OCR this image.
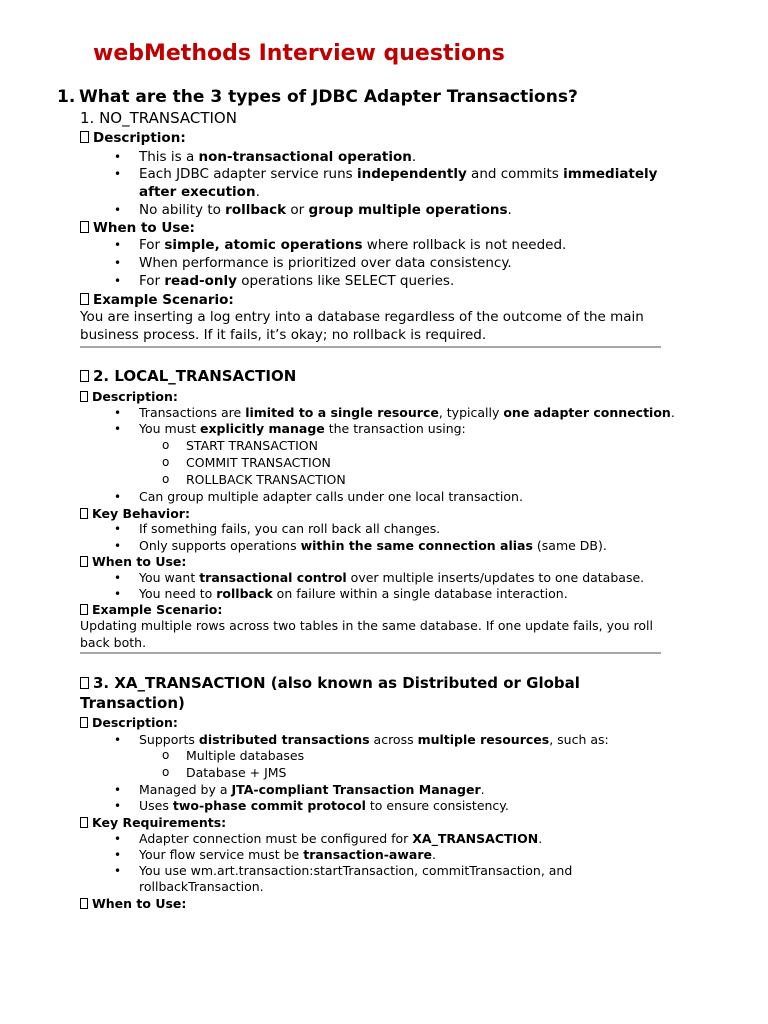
webMethods Interview questions
1. What are the 3 types of JDBC Adapter Transactions?
1. NO_TRANSACTION
Description:
• This is a non-transactional operation.
• Each JDBC adapter service runs independently and commits immediately after execution.
• No ability to rollback or group multiple operations.
When to Use:
• For simple, atomic operations where rollback is not needed.
• When performance is prioritized over data consistency.
• For read-only operations like SELECT queries.
Example Scenario:
You are inserting a log entry into a database regardless of the outcome of the main business process. If it fails, it’s okay; no rollback is required.
2. LOCAL_TRANSACTION
Description:
• Transactions are limited to a single resource, typically one adapter connection.
• You must explicitly manage the transaction using:
o START TRANSACTION
o COMMIT TRANSACTION
o ROLLBACK TRANSACTION
• Can group multiple adapter calls under one local transaction.
Key Behavior:
• If something fails, you can roll back all changes.
• Only supports operations within the same connection alias (same DB).
When to Use:
• You want transactional control over multiple inserts/updates to one database.
• You need to rollback on failure within a single database interaction.
Example Scenario:
Updating multiple rows across two tables in the same database. If one update fails, you roll back both.
3. XA_TRANSACTION (also known as Distributed or Global Transaction)
Description:
• Supports distributed transactions across multiple resources, such as:
o Multiple databases
o Database + JMS
• Managed by a JTA-compliant Transaction Manager.
• Uses two-phase commit protocol to ensure consistency.
Key Requirements:
• Adapter connection must be configured for XA_TRANSACTION.
• Your flow service must be transaction-aware.
• You use wm.art.transaction:startTransaction, commitTransaction, and rollbackTransaction.
When to Use:
